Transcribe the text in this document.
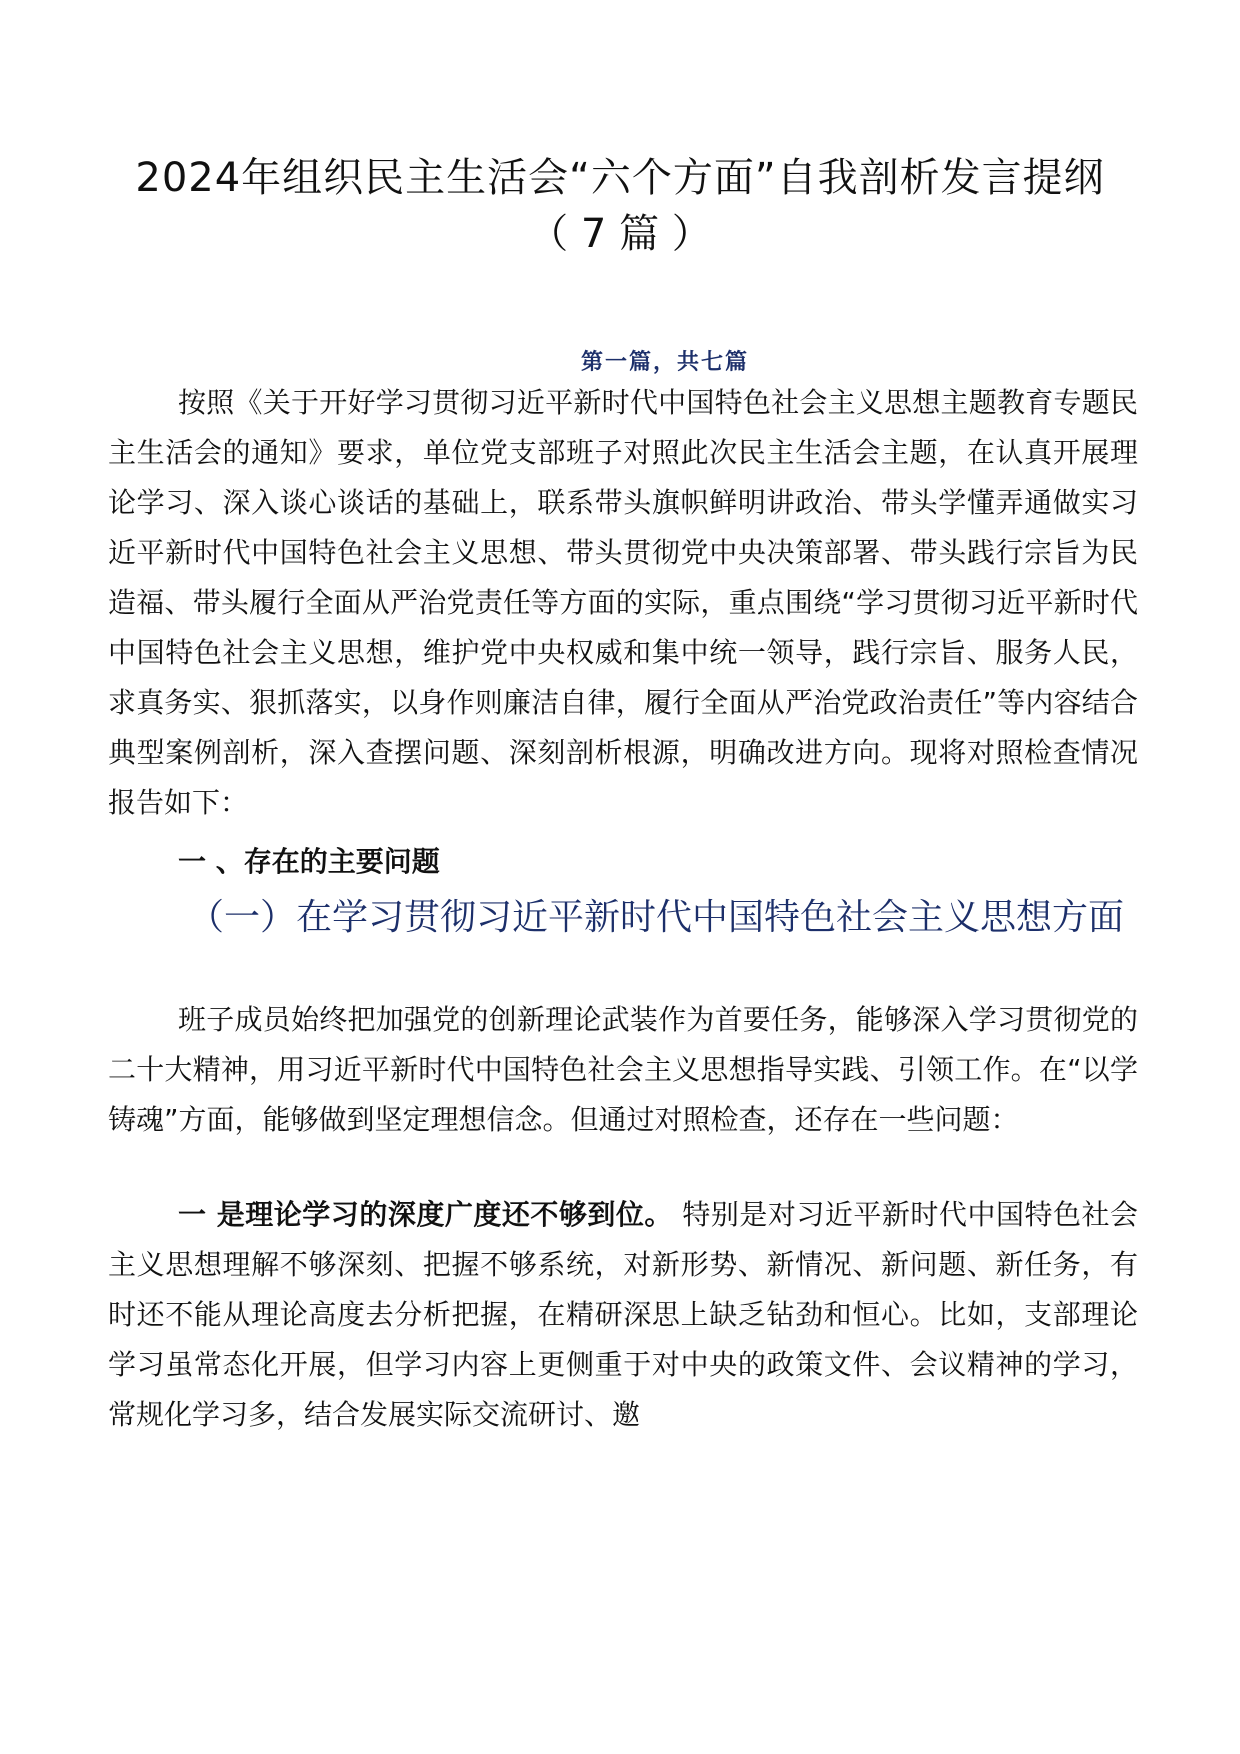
2024年组织民主生活会“六个方面”自我剖析发言提纲
（ 7 篇 ）
第一篇，共七篇

按照《关于开好学习贯彻习近平新时代中国特色社会主义思想主题教育专题民主生活会的通知》要求，单位党支部班子对照此次民主生活会主题，在认真开展理论学习、深入谈心谈话的基础上，联系带头旗帜鲜明讲政治、带头学懂弄通做实习近平新时代中国特色社会主义思想、带头贯彻党中央决策部署、带头践行宗旨为民造福、带头履行全面从严治党责任等方面的实际，重点围绕“学习贯彻习近平新时代中国特色社会主义思想，维护党中央权威和集中统一领导，践行宗旨、服务人民，求真务实、狠抓落实，以身作则廉洁自律，履行全面从严治党政治责任”等内容结合典型案例剖析，深入查摆问题、深刻剖析根源，明确改进方向。现将对照检查情况报告如下：

一 、存在的主要问题

（一）在学习贯彻习近平新时代中国特色社会主义思想方面

班子成员始终把加强党的创新理论武装作为首要任务，能够深入学习贯彻党的二十大精神，用习近平新时代中国特色社会主义思想指导实践、引领工作。在“以学铸魂”方面，能够做到坚定理想信念。但通过对照检查，还存在一些问题：

一 是理论学习的深度广度还不够到位。 特别是对习近平新时代中国特色社会主义思想理解不够深刻、把握不够系统，对新形势、新情况、新问题、新任务，有时还不能从理论高度去分析把握，在精研深思上缺乏钻劲和恒心。比如，支部理论学习虽常态化开展，但学习内容上更侧重于对中央的政策文件、会议精神的学习，常规化学习多，结合发展实际交流研讨、邀
